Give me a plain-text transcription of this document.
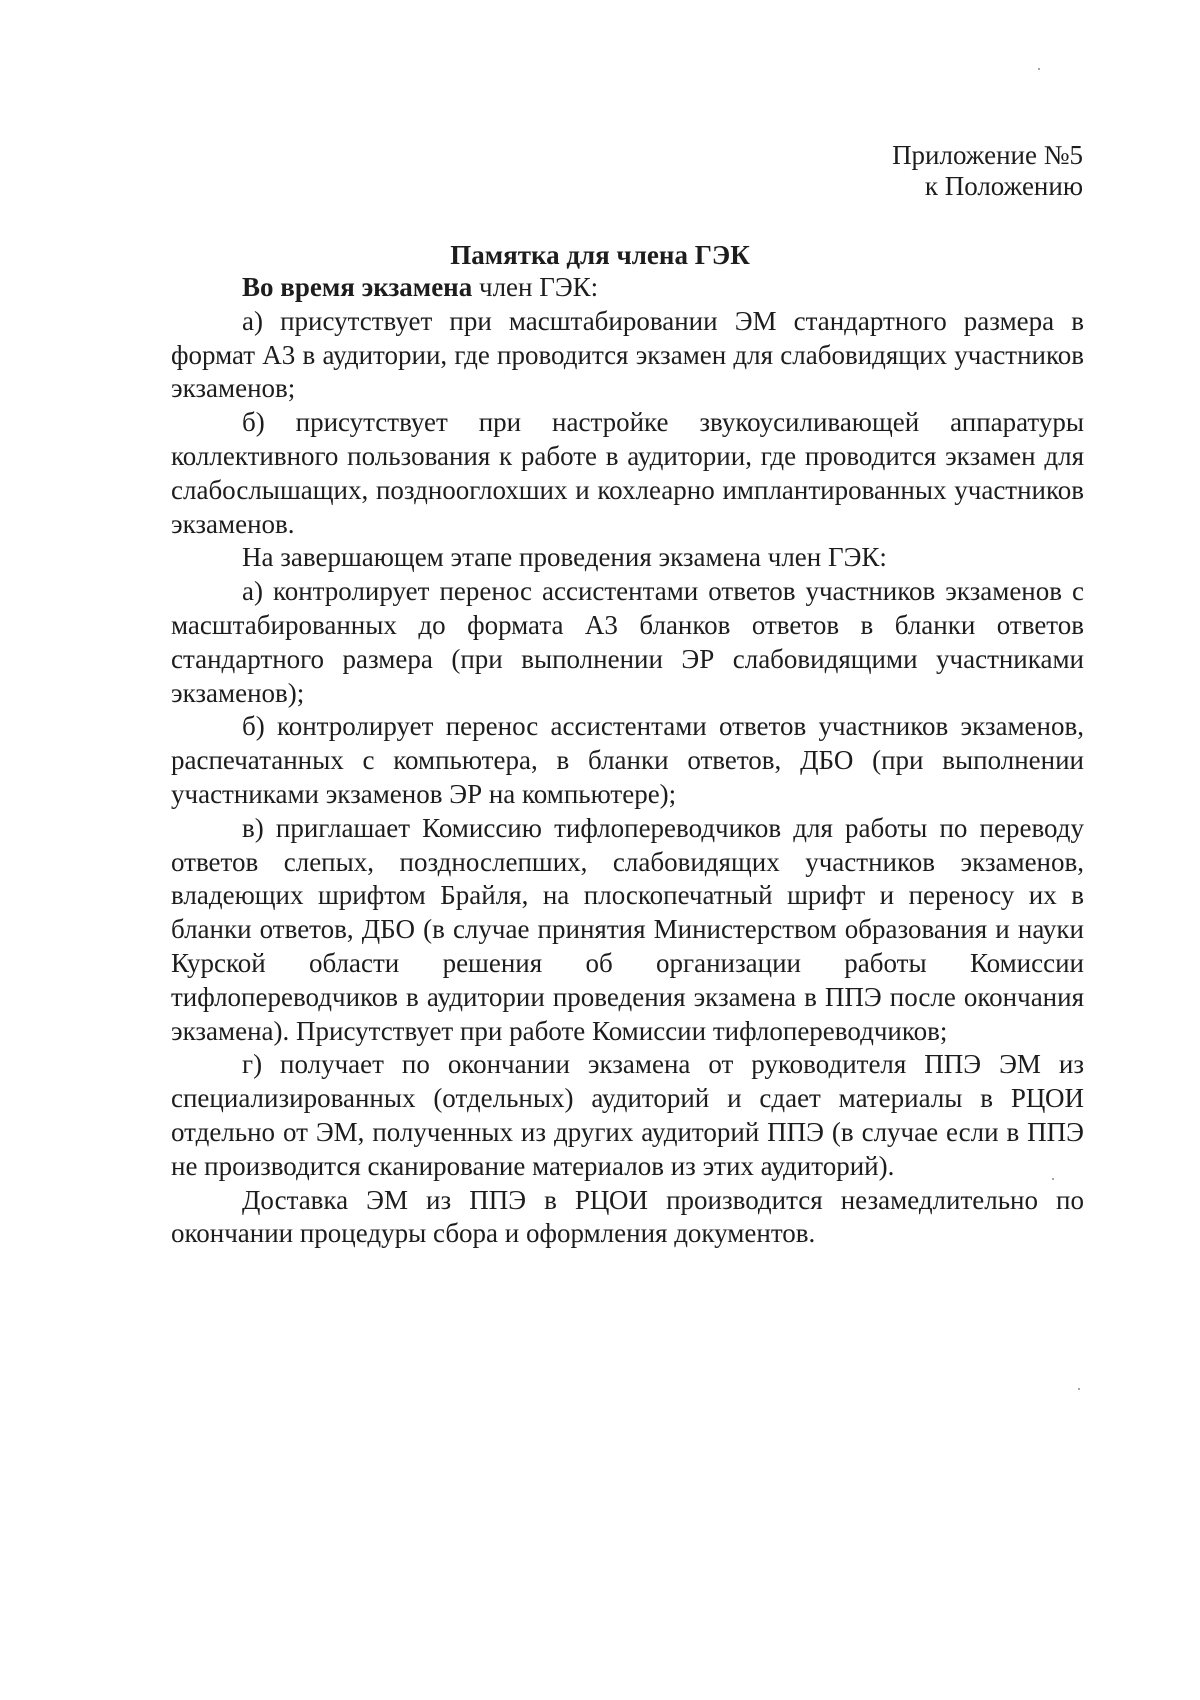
Приложение №5
к Положению
Памятка для члена ГЭК

Во время экзамена член ГЭК:

а) присутствует при масштабировании ЭМ стандартного размера в формат А3 в аудитории, где проводится экзамен для слабовидящих участников экзаменов;

б) присутствует при настройке звукоусиливающей аппаратуры коллективного пользования к работе в аудитории, где проводится экзамен для слабослышащих, позднооглохших и кохлеарно имплантированных участников экзаменов.

На завершающем этапе проведения экзамена член ГЭК:

а) контролирует перенос ассистентами ответов участников экзаменов с масштабированных до формата А3 бланков ответов в бланки ответов стандартного размера (при выполнении ЭР слабовидящими участниками экзаменов);

б) контролирует перенос ассистентами ответов участников экзаменов, распечатанных с компьютера, в бланки ответов, ДБО (при выполнении участниками экзаменов ЭР на компьютере);

в) приглашает Комиссию тифлопереводчиков для работы по переводу ответов слепых, позднослепших, слабовидящих участников экзаменов, владеющих шрифтом Брайля, на плоскопечатный шрифт и переносу их в бланки ответов, ДБО (в случае принятия Министерством образования и науки Курской области решения об организации работы Комиссии тифлопереводчиков в аудитории проведения экзамена в ППЭ после окончания экзамена). Присутствует при работе Комиссии тифлопереводчиков;

г) получает по окончании экзамена от руководителя ППЭ ЭМ из специализированных (отдельных) аудиторий и сдает материалы в РЦОИ отдельно от ЭМ, полученных из других аудиторий ППЭ (в случае если в ППЭ не производится сканирование материалов из этих аудиторий).

Доставка ЭМ из ППЭ в РЦОИ производится незамедлительно по окончании процедуры сбора и оформления документов.
